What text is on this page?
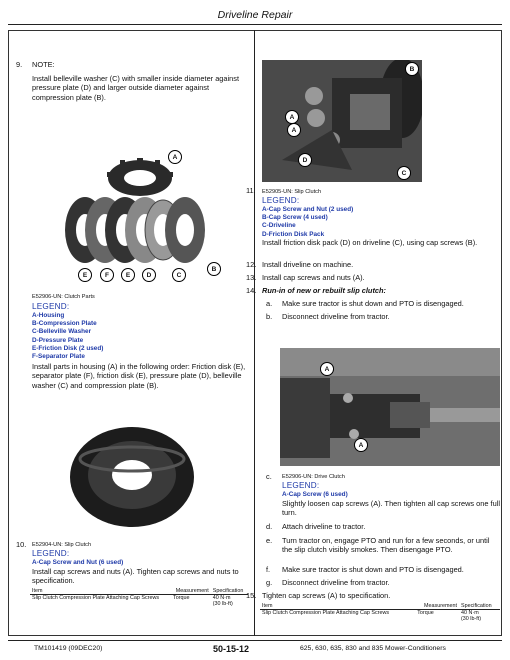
Driveline Repair
9. NOTE:
Install belleville washer (C) with smaller inside diameter against pressure plate (D) and larger outside diameter against compression plate (B).
A
E	F	E	D	C
B
E52906-UN: Clutch Parts
LEGEND:
A-Housing
B-Compression Plate
C-Belleville Washer
D-Pressure Plate
E-Friction Disk (2 used)
F-Separator Plate
Install parts in housing (A) in the following order: Friction disk (E), separator plate (F), friction disk (E), pressure plate (D), belleville washer (C) and compression plate (B).
10. E52904-UN: Slip Clutch
LEGEND:
A-Cap Screw and Nut (6 used)
Install cap screws and nuts (A). Tighten cap screws and nuts to specification.
Item	Measurement	Specification

Slip Clutch Compression Plate Attaching Cap Screws	Torque	40 N·m
(30 lb-ft)
A
A
B
C
D
11. E52905-UN: Slip Clutch
LEGEND:
A-Cap Screw and Nut (2 used)
B-Cap Screw (4 used)
C-Driveline
D-Friction Disk Pack
Install friction disk pack (D) on driveline (C), using cap screws (B).
12. Install driveline on machine.
13. Install cap screws and nuts (A).
14. Run-in of new or rebuilt slip clutch:
a. Make sure tractor is shut down and PTO is disengaged.
b. Disconnect driveline from tractor.
A
A
c. E52906-UN: Drive Clutch
LEGEND:
A-Cap Screw (6 used)
Slightly loosen cap screws (A). Then tighten all cap screws one full turn.
d. Attach driveline to tractor.
e. Turn tractor on, engage PTO and run for a few seconds, or until the slip clutch visibly smokes. Then disengage PTO.
f. Make sure tractor is shut down and PTO is disengaged.
g. Disconnect driveline from tractor.
15. Tighten cap screws (A) to specification.
Item	Measurement	Specification

Slip Clutch Compression Plate Attaching Cap Screws	Torque	40 N·m
(30 lb-ft)
TM101419 (09DEC20)	50-15-12	625, 630, 635, 830 and 835 Mower-Conditioners
